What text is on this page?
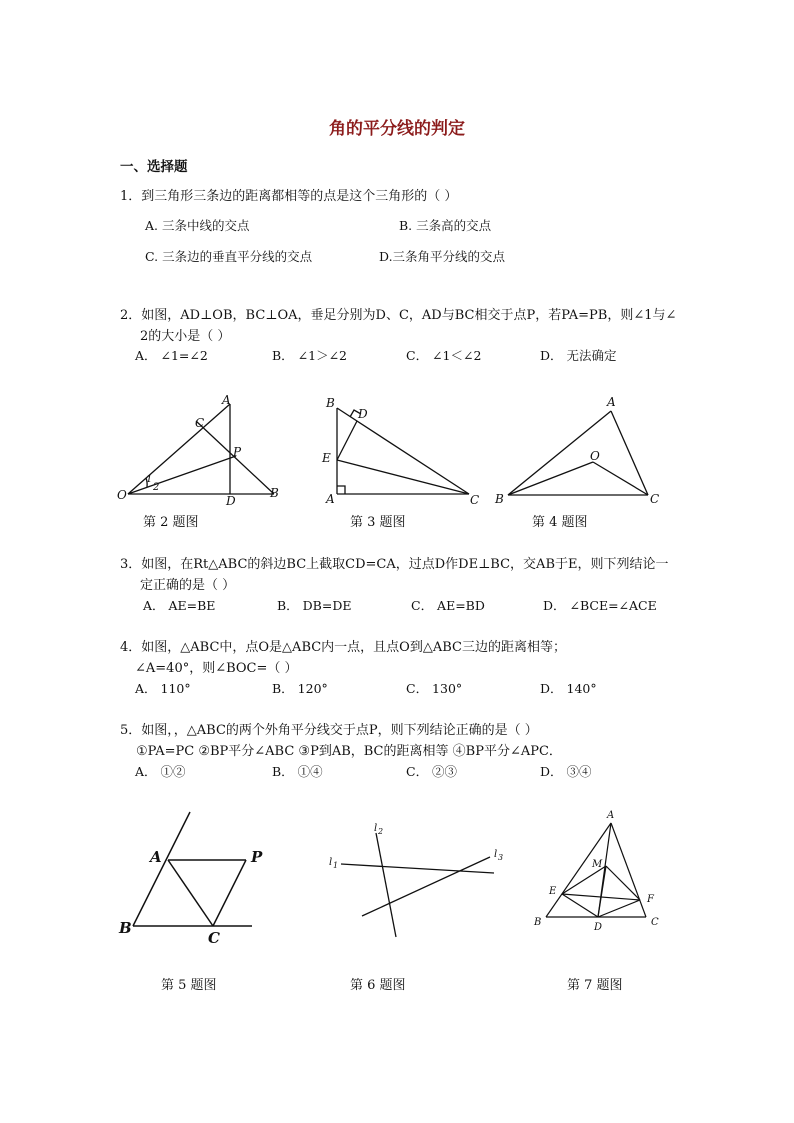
角的平分线的判定
一、选择题
1．到三角形三条边的距离都相等的点是这个三角形的（ ）
A. 三条中线的交点	B. 三条高的交点
C. 三条边的垂直平分线的交点	D.三条角平分线的交点
2．如图，AD⊥OB，BC⊥OA，垂足分别为D、C，AD与BC相交于点P，若PA=PB，则∠1与∠
2的大小是（ ）
A． ∠1=∠2	B． ∠1＞∠2	C． ∠1＜∠2	D． 无法确定
A
C
P
O	D
B
1
2
B
D
E
A	C
A
O
B	C
第 2 题图	第 3 题图	第 4 题图
3．如图，在Rt△ABC的斜边BC上截取CD=CA，过点D作DE⊥BC，交AB于E，则下列结论一
定正确的是（ ）
A． AE=BE	B． DB=DE	C． AE=BD	D． ∠BCE=∠ACE
4．如图，△ABC中，点O是△ABC内一点，且点O到△ABC三边的距离相等；
∠A=40°，则∠BOC=（ ）
A． 110°	B． 120°	C． 130°	D． 140°
5．如图，，△ABC的两个外角平分线交于点P，则下列结论正确的是（ ）
①PA=PC ②BP平分∠ABC ③P到AB，BC的距离相等 ④BP平分∠APC．
A． ①②	B． ①④	C． ②③	D． ③④
A	P
B
C
l 1
l 2
l 3
A
M
E
F
B	D	C
第 5 题图	第 6 题图	第 7 题图
